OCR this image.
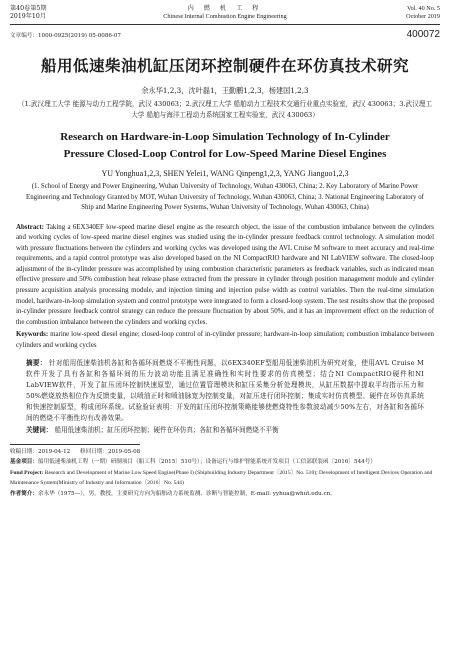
第40卷第5期
2019年10月
内 燃 机 工 程
Chinese Internal Combustion Engine Engineering
Vol. 40 No. 5
October 2019
文章编号：1000-0925(2019) 05-0086-07	400072
船用低速柴油机缸压闭环控制硬件在环仿真技术研究
余永华1,2,3，沈叶磊1，王勤鹏1,2,3，杨建国1,2,3
（1.武汉理工大学 能源与动力工程学院，武汉 430063；2.武汉理工大学 船舶动力工程技术交通行业重点实验室，武汉 430063；3.武汉理工大学 船舶与海洋工程动力系统国家工程实验室，武汉 430063）
Research on Hardware-in-Loop Simulation Technology of In-Cylinder
Pressure Closed-Loop Control for Low-Speed Marine Diesel Engines
YU Yonghua1,2,3, SHEN Yelei1, WANG Qinpeng1,2,3, YANG Jianguo1,2,3
(1. School of Energy and Power Engineering, Wuhan University of Technology, Wuhan 430063, China; 2. Key Laboratory of Marine Power Engineering and Technology Granted by MOT, Wuhan University of Technology, Wuhan 430063, China; 3. National Engineering Laboratory of Ship and Marine Engineering Power Systems, Wuhan University of Technology, Wuhan 430063, China)
Abstract: Taking a 6EX340EF low-speed marine diesel engine as the research object, the issue of the combustion imbalance between the cylinders and working cycles of low-speed marine diesel engines was studied using the in-cylinder pressure feedback control technology. A simulation model with pressure fluctuations between the cylinders and working cycles was developed using the AVL Cruise M software to meet accuracy and real-time requirements, and a rapid control prototype was also developed based on the NI CompactRIO hardware and NI LabVIEW software. The closed-loop adjustment of the in-cylinder pressure was accomplished by using combustion characteristic parameters as feedback variables, such as indicated mean effective pressure and 50% combustion heat release phase extracted from the pressure in cylinder through position management module and cylinder pressure acquisition analysis processing module, and injection timing and injection pulse width as control variables. Then the real-time simulation model, hardware-in-loop simulation system and control prototype were integrated to form a closed-loop system. The test results show that the proposed in-cylinder pressure feedback control strategy can reduce the pressure fluctuation by about 50%, and it has an improvement effect on the reduction of the combustion imbalance between the cylinders and working cycles.
Keywords: marine low-speed diesel engine; closed-loop control of in-cylinder pressure; hardware-in-loop simulation; combustion imbalance between cylinders and working cycles
摘要： 针对船用低速柴油机各缸和各循环间燃烧不平衡性问题，以6EX340EF型船用低速柴油机为研究对象，使用AVL Cruise M软件开发了具有各缸和各循环间的压力波动功能且满足准确性和实时性要求的仿真模型；结合NI CompactRIO硬件和NI LabVIEW软件，开发了缸压闭环控制快速原型，通过位置管理模块和缸压采集分析处理模块，从缸压数据中提取平均指示压力和50%燃烧放热相位作为反馈变量，以喷油正时和喷油脉宽为控制变量，对缸压进行闭环控制；集成实时仿真模型、硬件在环仿真系统和快速控制原型，构成闭环系统。试验验证表明：开发的缸压闭环控制策略能够使燃烧特性参数波动减少50%左右，对各缸和各循环间的燃烧不平衡性均有改善效果。
关键词： 船用低速柴油机；缸压闭环控制；硬件在环仿真；各缸和各循环间燃烧不平衡
收稿日期：2019-04-12 修回日期：2019-05-08
基金项目：船用低速柴油机工程（一期）研制项目（船工科〔2015〕510号）；设备运行与维护智能系统开发项目（工信部联装函〔2016〕544号）
Fund Project: Research and Development of Marine Low Speed Engine(Phase I) (Shipbuilding Industry Department〔2015〕No. 510); Development of Intelligent Devices Operation and Maintenance System(Ministry of Industry and Information〔2016〕No. 544)
作者简介：余永华（1975—），男，教授，主要研究方向为船舶动力系统监测、诊断与智能控制，E-mail: yyhua@whut.edu.cn。
